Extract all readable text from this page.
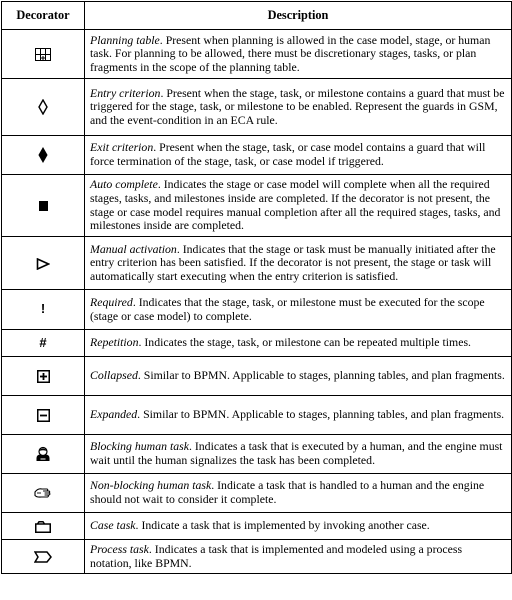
Decorator	Description
	Planning table. Present when planning is allowed in the case model, stage, or human task. For planning to be allowed, there must be discretionary stages, tasks, or plan fragments in the scope of the planning table.
	Entry criterion. Present when the stage, task, or milestone contains a guard that must be triggered for the stage, task, or milestone to be enabled. Represent the guards in GSM, and the event-condition in an ECA rule.
	Exit criterion. Present when the stage, task, or case model contains a guard that will force termination of the stage, task, or case model if triggered.
	Auto complete. Indicates the stage or case model will complete when all the required stages, tasks, and milestones inside are completed. If the decorator is not present, the stage or case model requires manual completion after all the required stages, tasks, and milestones inside are completed.
	Manual activation. Indicates that the stage or task must be manually initiated after the entry criterion has been satisfied. If the decorator is not present, the stage or task will automatically start executing when the entry criterion is satisfied.
!	Required. Indicates that the stage, task, or milestone must be executed for the scope (stage or case model) to complete.
#	Repetition. Indicates the stage, task, or milestone can be repeated multiple times.
	Collapsed. Similar to BPMN. Applicable to stages, planning tables, and plan fragments.
	Expanded. Similar to BPMN. Applicable to stages, planning tables, and plan fragments.
	Blocking human task. Indicates a task that is executed by a human, and the engine must wait until the human signalizes the task has been completed.
	Non-blocking human task. Indicate a task that is handled to a human and the engine should not wait to consider it complete.
	Case task. Indicate a task that is implemented by invoking another case.
	Process task. Indicates a task that is implemented and modeled using a process notation, like BPMN.
